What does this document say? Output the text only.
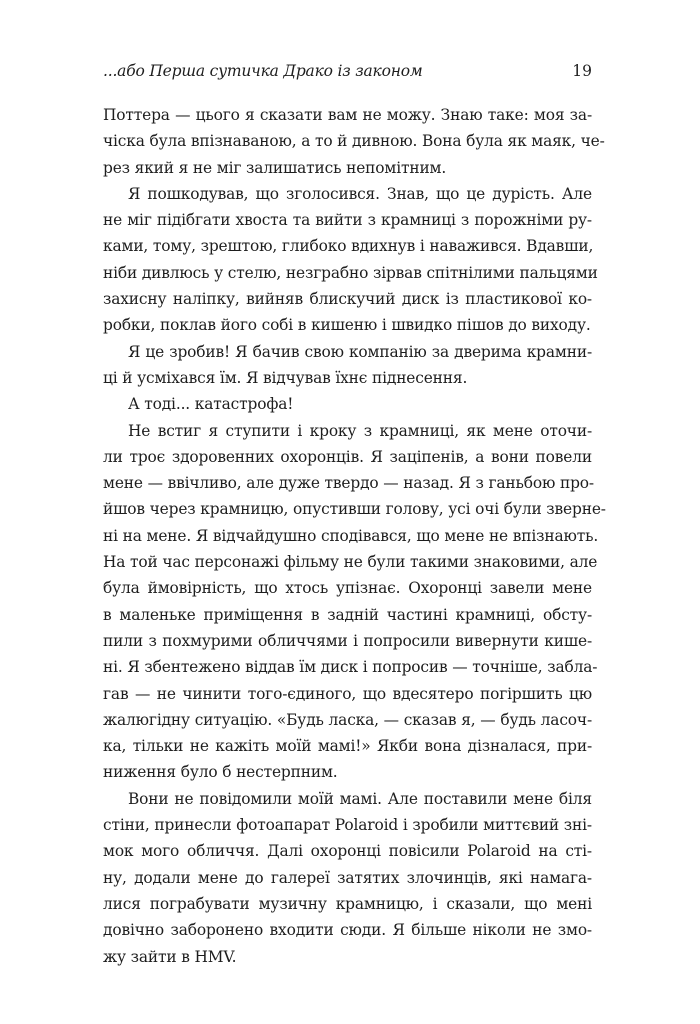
...або Перша сутичка Драко із законом	19
Поттера — цього я сказати вам не можу. Знаю таке: моя за-
чіска була впізнаваною, а то й дивною. Вона була як маяк, че-
рез який я не міг залишатись непомітним.
Я пошкодував, що зголосився. Знав, що це дурість. Але
не міг підібгати хвоста та вийти з крамниці з порожніми ру-
ками, тому, зрештою, глибоко вдихнув і наважився. Вдавши,
ніби дивлюсь у стелю, незграбно зірвав спітнілими пальцями
захисну наліпку, вийняв блискучий диск із пластикової ко-
робки, поклав його собі в кишеню і швидко пішов до виходу.
Я це зробив! Я бачив свою компанію за дверима крамни-
ці й усміхався їм. Я відчував їхнє піднесення.
А тоді... катастрофа!
Не встиг я ступити і кроку з крамниці, як мене оточи-
ли троє здоровенних охоронців. Я заціпенів, а вони повели
мене — ввічливо, але дуже твердо — назад. Я з ганьбою про-
йшов через крамницю, опустивши голову, усі очі були зверне-
ні на мене. Я відчайдушно сподівався, що мене не впізнають.
На той час персонажі фільму не були такими знаковими, але
була ймовірність, що хтось упізнає. Охоронці завели мене
в маленьке приміщення в задній частині крамниці, обсту-
пили з похмурими обличчями і попросили вивернути кише-
ні. Я збентежено віддав їм диск і попросив — точніше, забла-
гав — не чинити того-єдиного, що вдесятеро погіршить цю
жалюгідну ситуацію. «Будь ласка, — сказав я, — будь ласоч-
ка, тільки не кажіть моїй мамі!» Якби вона дізналася, при-
ниження було б нестерпним.
Вони не повідомили моїй мамі. Але поставили мене біля
стіни, принесли фотоапарат Polaroid і зробили миттєвий зні-
мок мого обличчя. Далі охоронці повісили Polaroid на сті-
ну, додали мене до галереї затятих злочинців, які намага-
лися пограбувати музичну крамницю, і сказали, що мені
довічно заборонено входити сюди. Я більше ніколи не змо-
жу зайти в HMV.
